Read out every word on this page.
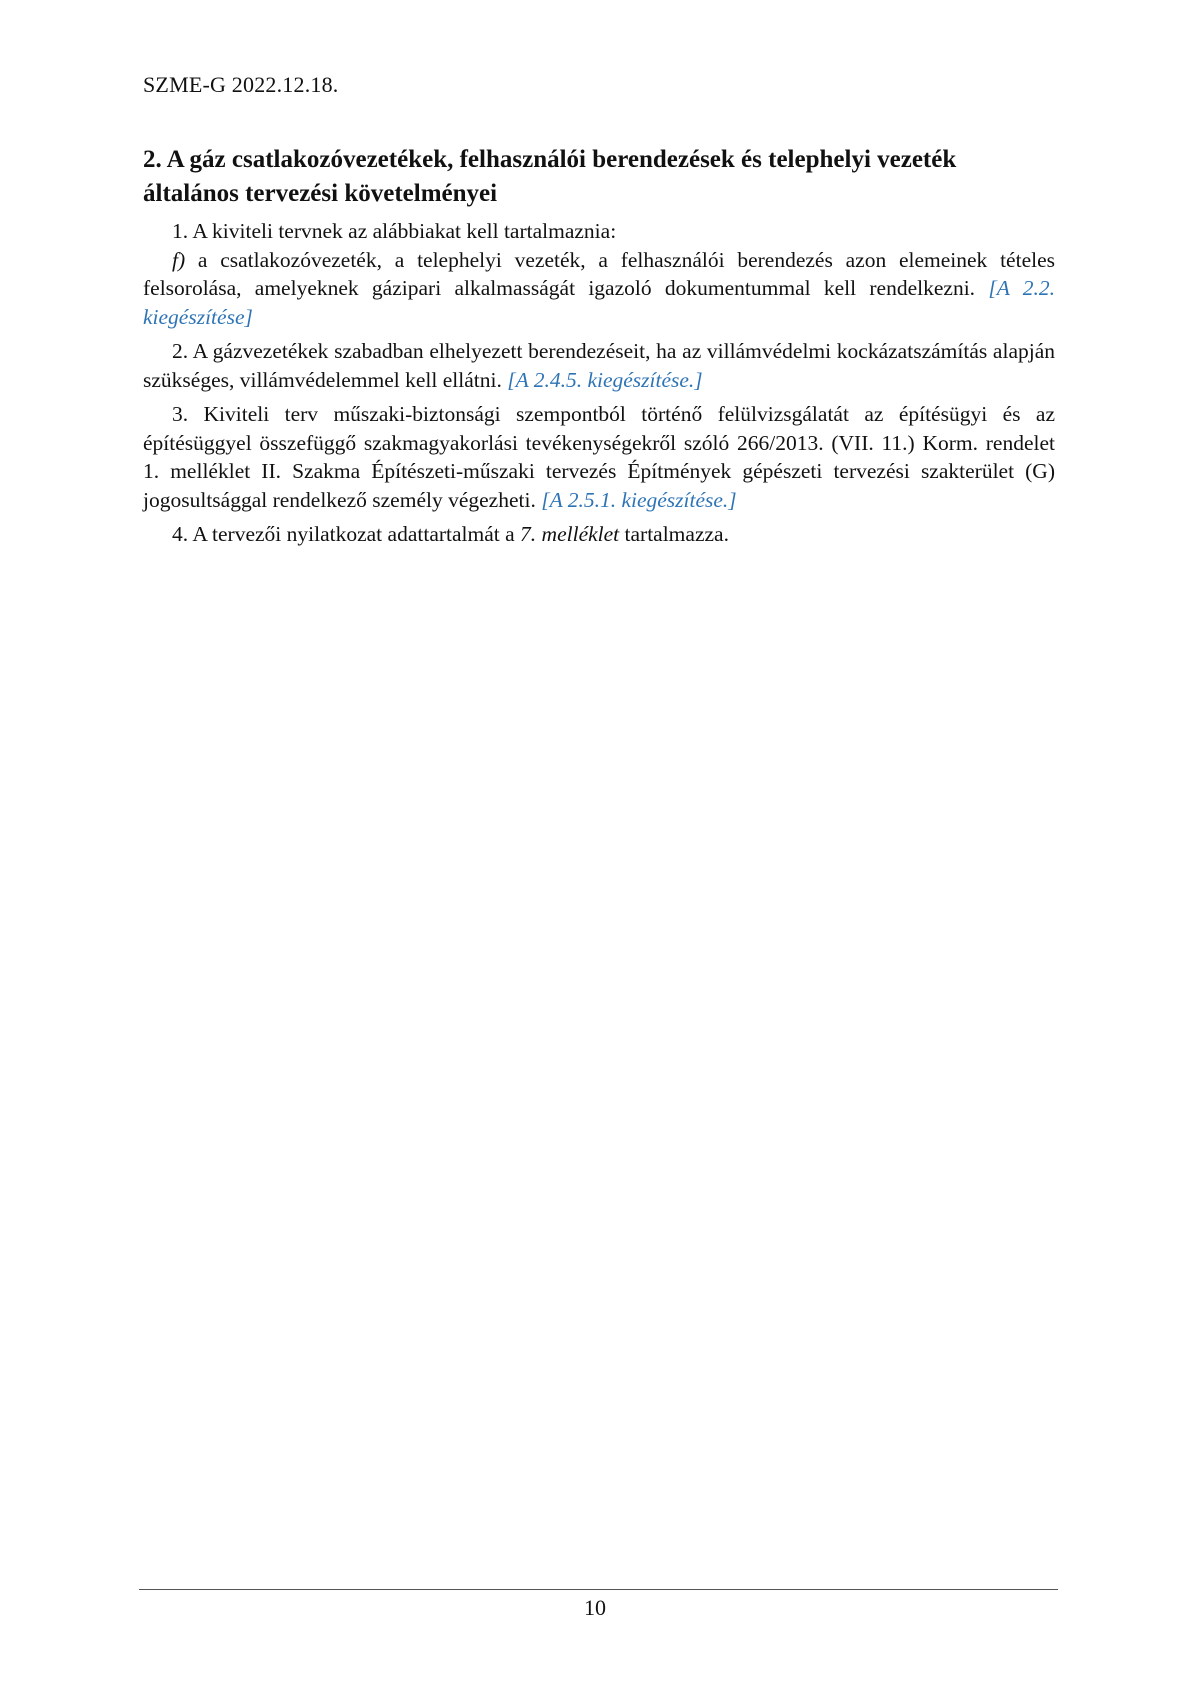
SZME-G 2022.12.18.
2. A gáz csatlakozóvezetékek, felhasználói berendezések és telephelyi vezeték általános tervezési követelményei

1. A kiviteli tervnek az alábbiakat kell tartalmaznia:

f) a csatlakozóvezeték, a telephelyi vezeték, a felhasználói berendezés azon elemeinek tételes felsorolása, amelyeknek gázipari alkalmasságát igazoló dokumentummal kell rendelkezni. [A 2.2. kiegészítése]

2. A gázvezetékek szabadban elhelyezett berendezéseit, ha az villámvédelmi kockázatszámítás alapján szükséges, villámvédelemmel kell ellátni. [A 2.4.5. kiegészítése.]

3. Kiviteli terv műszaki-biztonsági szempontból történő felülvizsgálatát az építésügyi és az építésüggyel összefüggő szakmagyakorlási tevékenységekről szóló 266/2013. (VII. 11.) Korm. rendelet 1. melléklet II. Szakma Építészeti-műszaki tervezés Építmények gépészeti tervezési szakterület (G) jogosultsággal rendelkező személy végezheti. [A 2.5.1. kiegészítése.]

4. A tervezői nyilatkozat adattartalmát a 7. melléklet tartalmazza.

10
